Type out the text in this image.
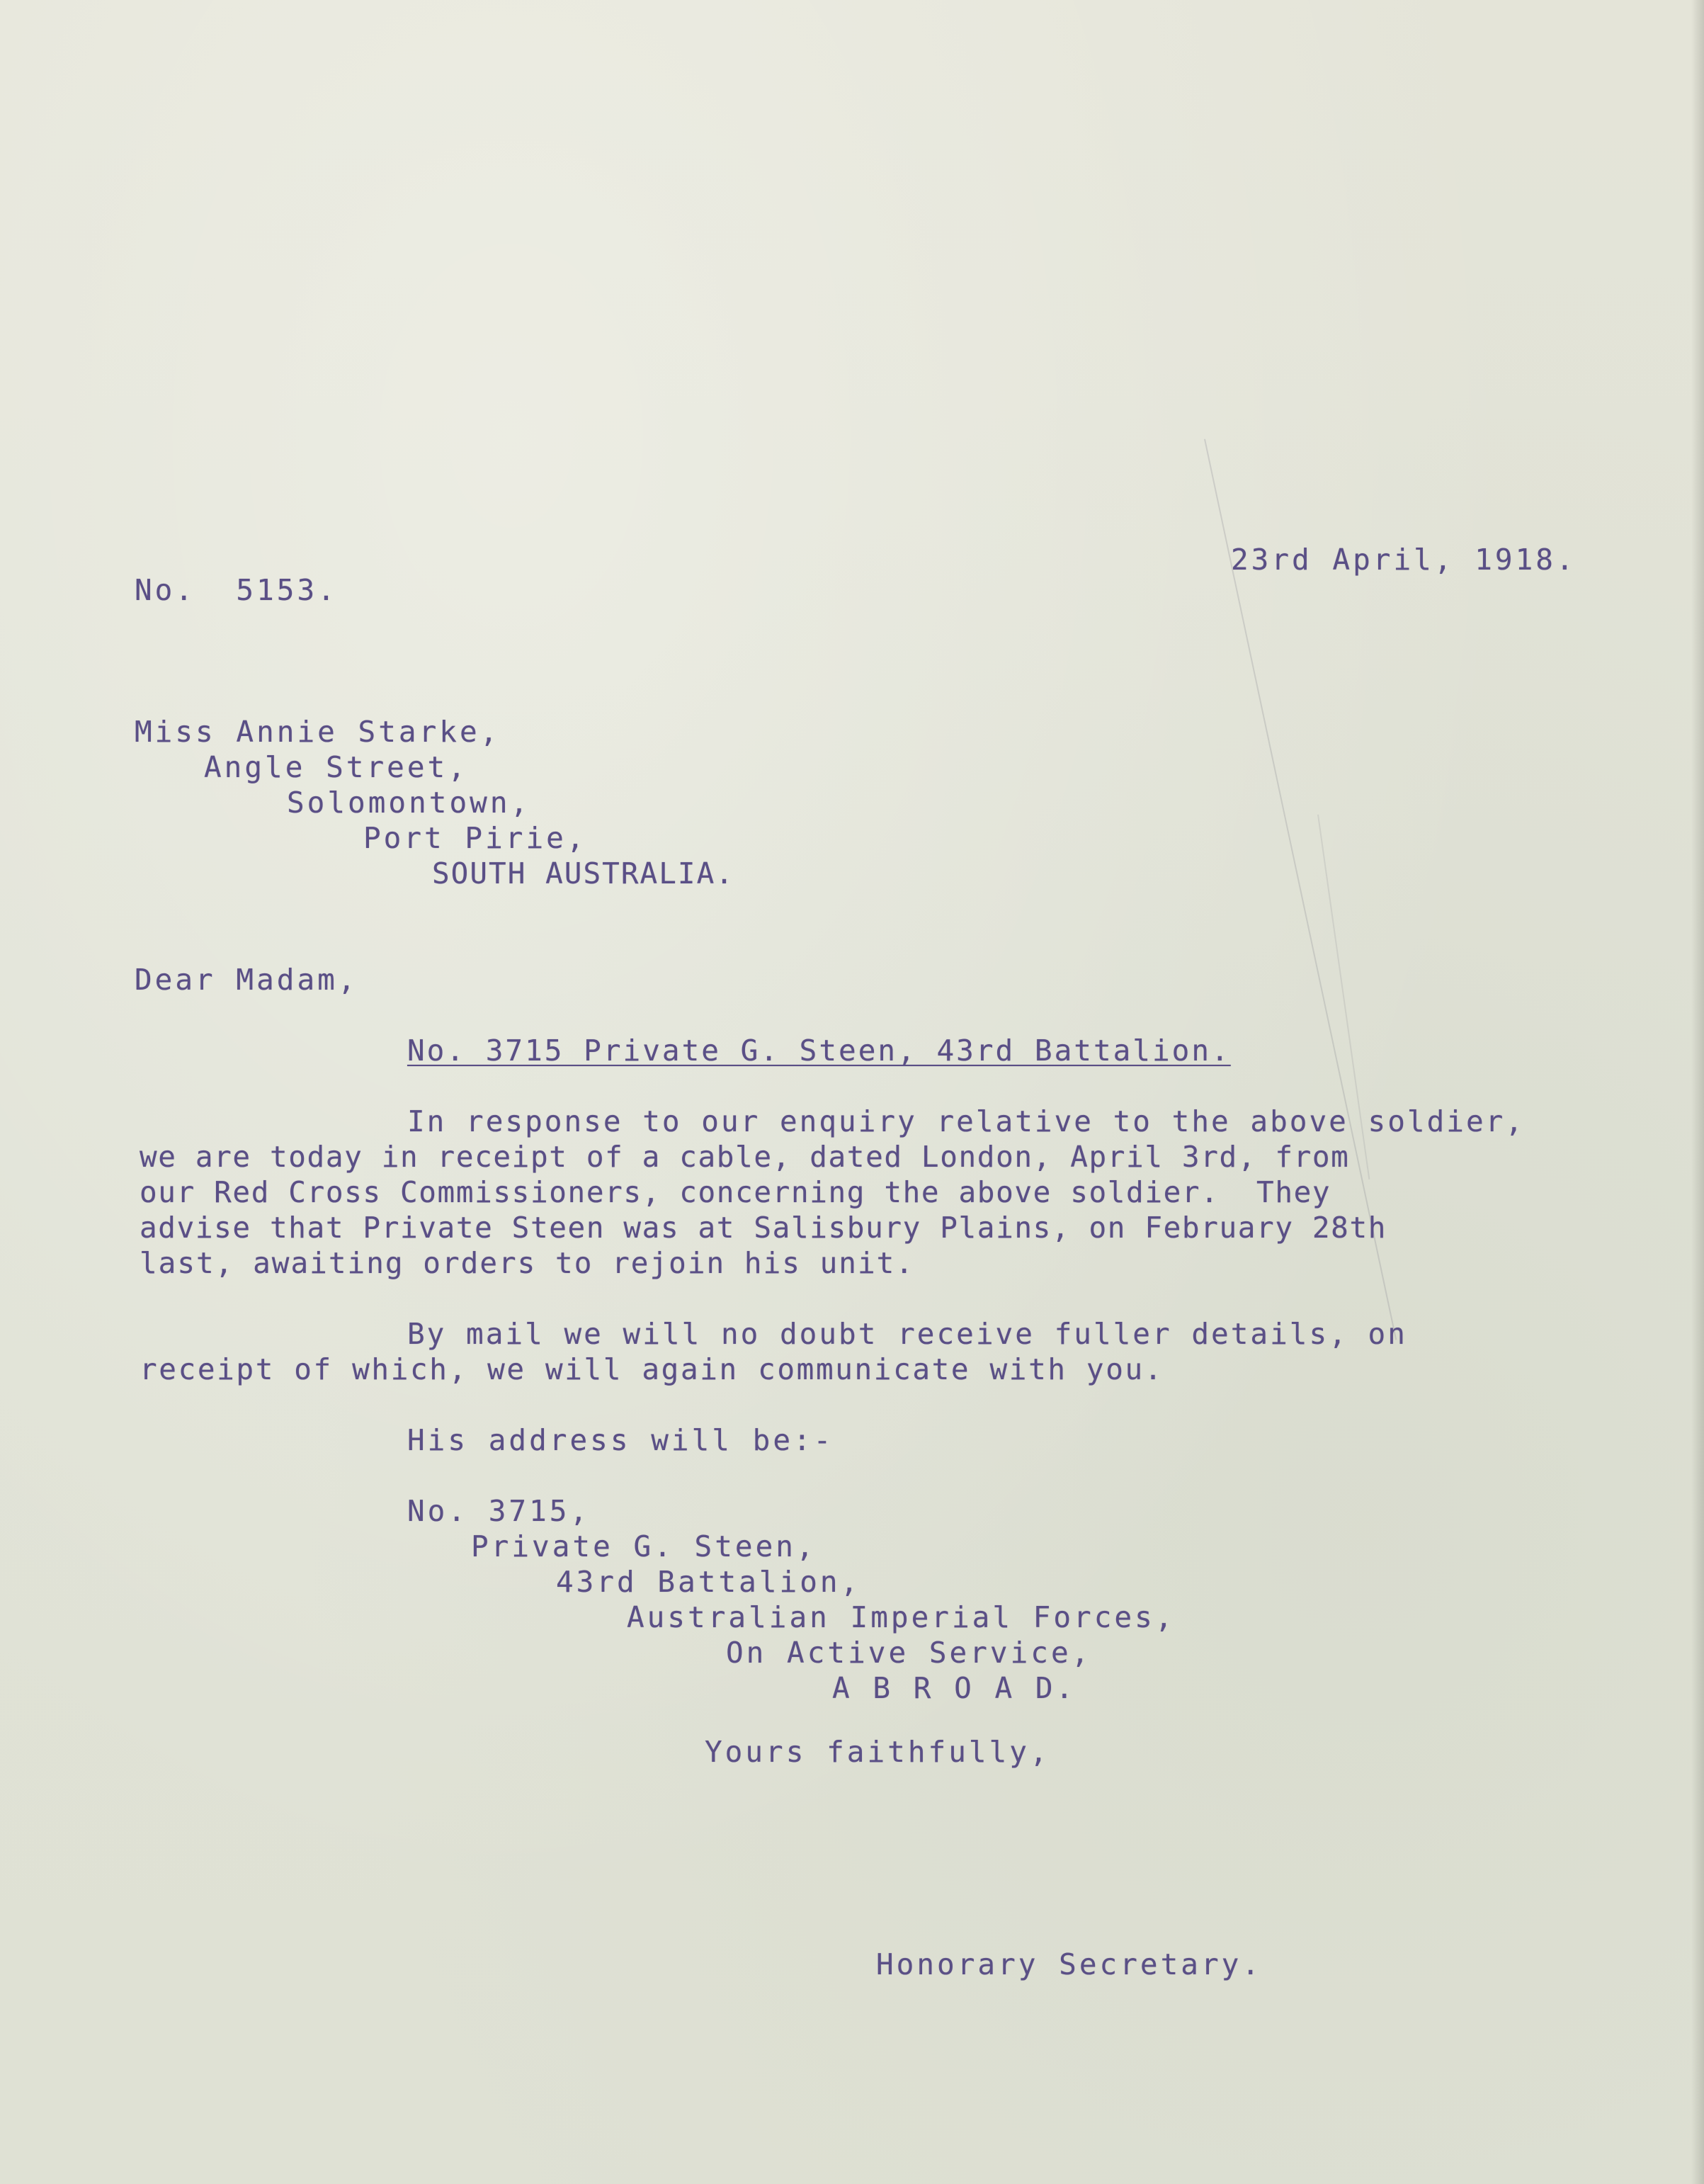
No.  5153.
23rd April, 1918.
Miss Annie Starke,
Angle Street,
Solomontown,
Port Pirie,
SOUTH AUSTRALIA.
Dear Madam,
No. 3715 Private G. Steen, 43rd Battalion.
In response to our enquiry relative to the above soldier,
we are today in receipt of a cable, dated London, April 3rd, from
our Red Cross Commissioners, concerning the above soldier.  They
advise that Private Steen was at Salisbury Plains, on February 28th
last, awaiting orders to rejoin his unit.
By mail we will no doubt receive fuller details, on
receipt of which, we will again communicate with you.
His address will be:-
No. 3715,
Private G. Steen,
43rd Battalion,
Australian Imperial Forces,
On Active Service,
A B R O A D.
Yours faithfully,
Honorary Secretary.
